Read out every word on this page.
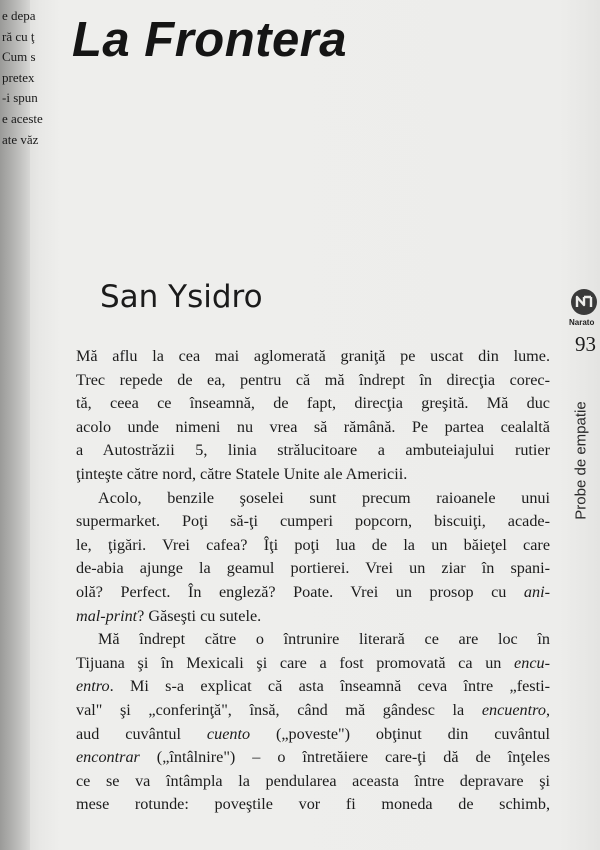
e depa
ră cu ţ
Cum s
pretex
-i spun
e aceste
ate văz
La Frontera
San Ysidro
Mă aflu la cea mai aglomerată graniţă pe uscat din lume.
Trec repede de ea, pentru că mă îndrept în direcţia corec-
tă, ceea ce înseamnă, de fapt, direcţia greşită. Mă duc
acolo unde nimeni nu vrea să rămână. Pe partea cealaltă
a Autostrăzii 5, linia strălucitoare a ambuteiajului rutier
ţinteşte către nord, către Statele Unite ale Americii.
Acolo, benzile şoselei sunt precum raioanele unui
supermarket. Poţi să-ţi cumperi popcorn, biscuiţi, acade-
le, ţigări. Vrei cafea? Îţi poţi lua de la un băieţel care
de-abia ajunge la geamul portierei. Vrei un ziar în spani-
olă? Perfect. În engleză? Poate. Vrei un prosop cu ani-
mal-print? Găseşti cu sutele.
Mă îndrept către o întrunire literară ce are loc în
Tijuana şi în Mexicali şi care a fost promovată ca un encu-
entro. Mi s-a explicat că asta înseamnă ceva între „festi-
val" şi „conferinţă", însă, când mă gândesc la encuentro,
aud cuvântul cuento („poveste") obţinut din cuvântul
encontrar („întâlnire") – o întretăiere care-ţi dă de înţeles
ce se va întâmpla la pendularea aceasta între depravare şi
mese rotunde: poveştile vor fi moneda de schimb,
Narato
93
Probe de empatie
